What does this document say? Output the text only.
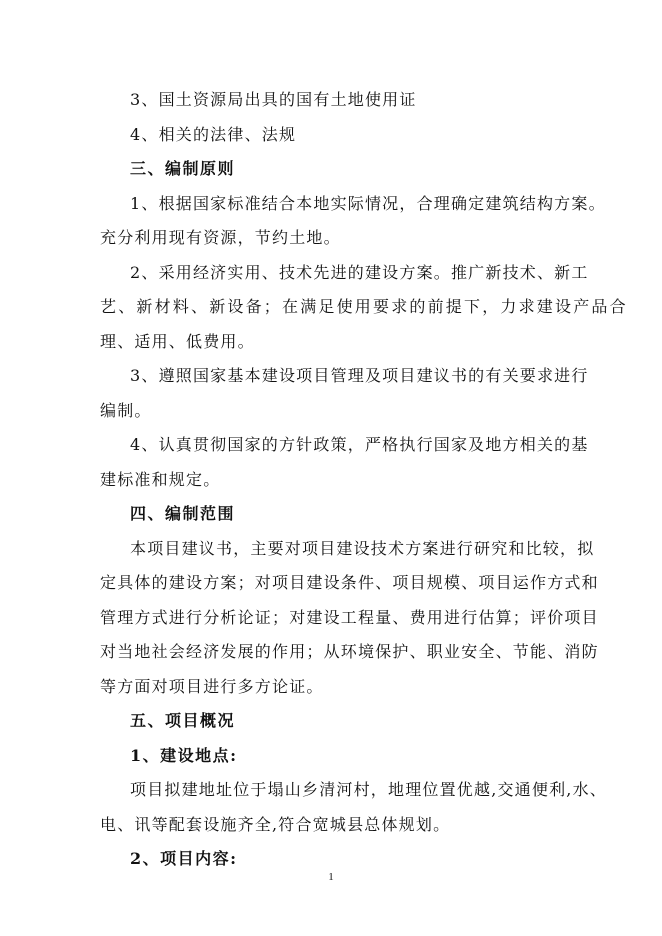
3、国土资源局出具的国有土地使用证
4、相关的法律、法规
三、编制原则
1、根据国家标准结合本地实际情况，合理确定建筑结构方案。
充分利用现有资源，节约土地。
2、采用经济实用、技术先进的建设方案。推广新技术、新工
艺、新材料、新设备；在满足使用要求的前提下，力求建设产品合
理、适用、低费用。
3、遵照国家基本建设项目管理及项目建议书的有关要求进行
编制。
4、认真贯彻国家的方针政策，严格执行国家及地方相关的基
建标准和规定。
四、编制范围
本项目建议书，主要对项目建设技术方案进行研究和比较，拟
定具体的建设方案；对项目建设条件、项目规模、项目运作方式和
管理方式进行分析论证；对建设工程量、费用进行估算；评价项目
对当地社会经济发展的作用；从环境保护、职业安全、节能、消防
等方面对项目进行多方论证。
五、项目概况
1、建设地点:
项目拟建地址位于塌山乡清河村，地理位置优越,交通便利,水、
电、讯等配套设施齐全,符合宽城县总体规划。
2、项目内容:
1
